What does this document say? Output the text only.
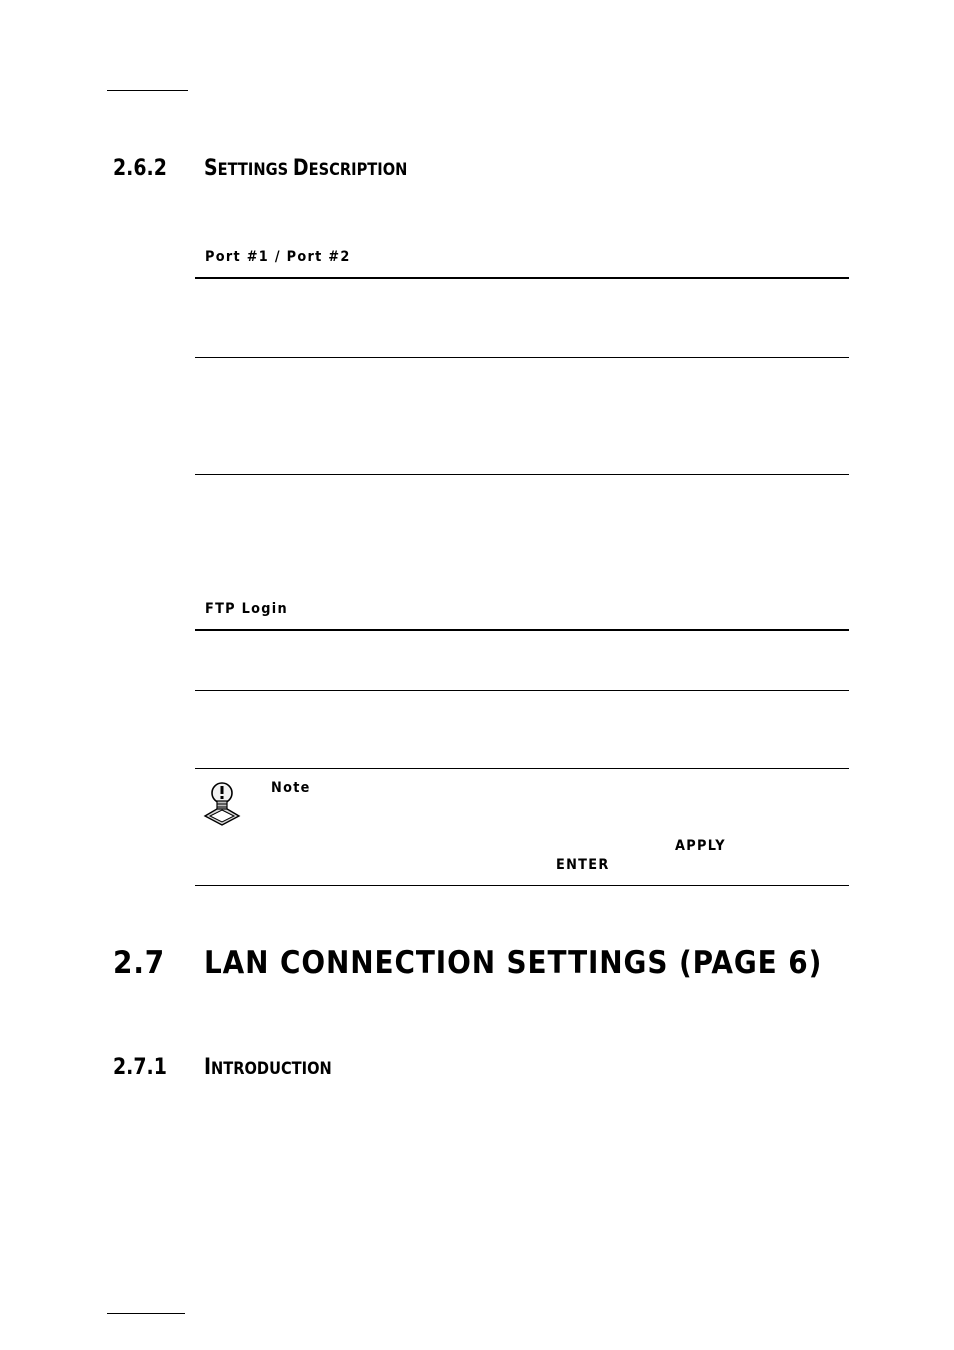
2.6.2 SETTINGS DESCRIPTION
Port #1 / Port #2
FTP Login
Note
APPLY
ENTER
2.7 LAN CONNECTION SETTINGS (PAGE 6)
2.7.1 INTRODUCTION
